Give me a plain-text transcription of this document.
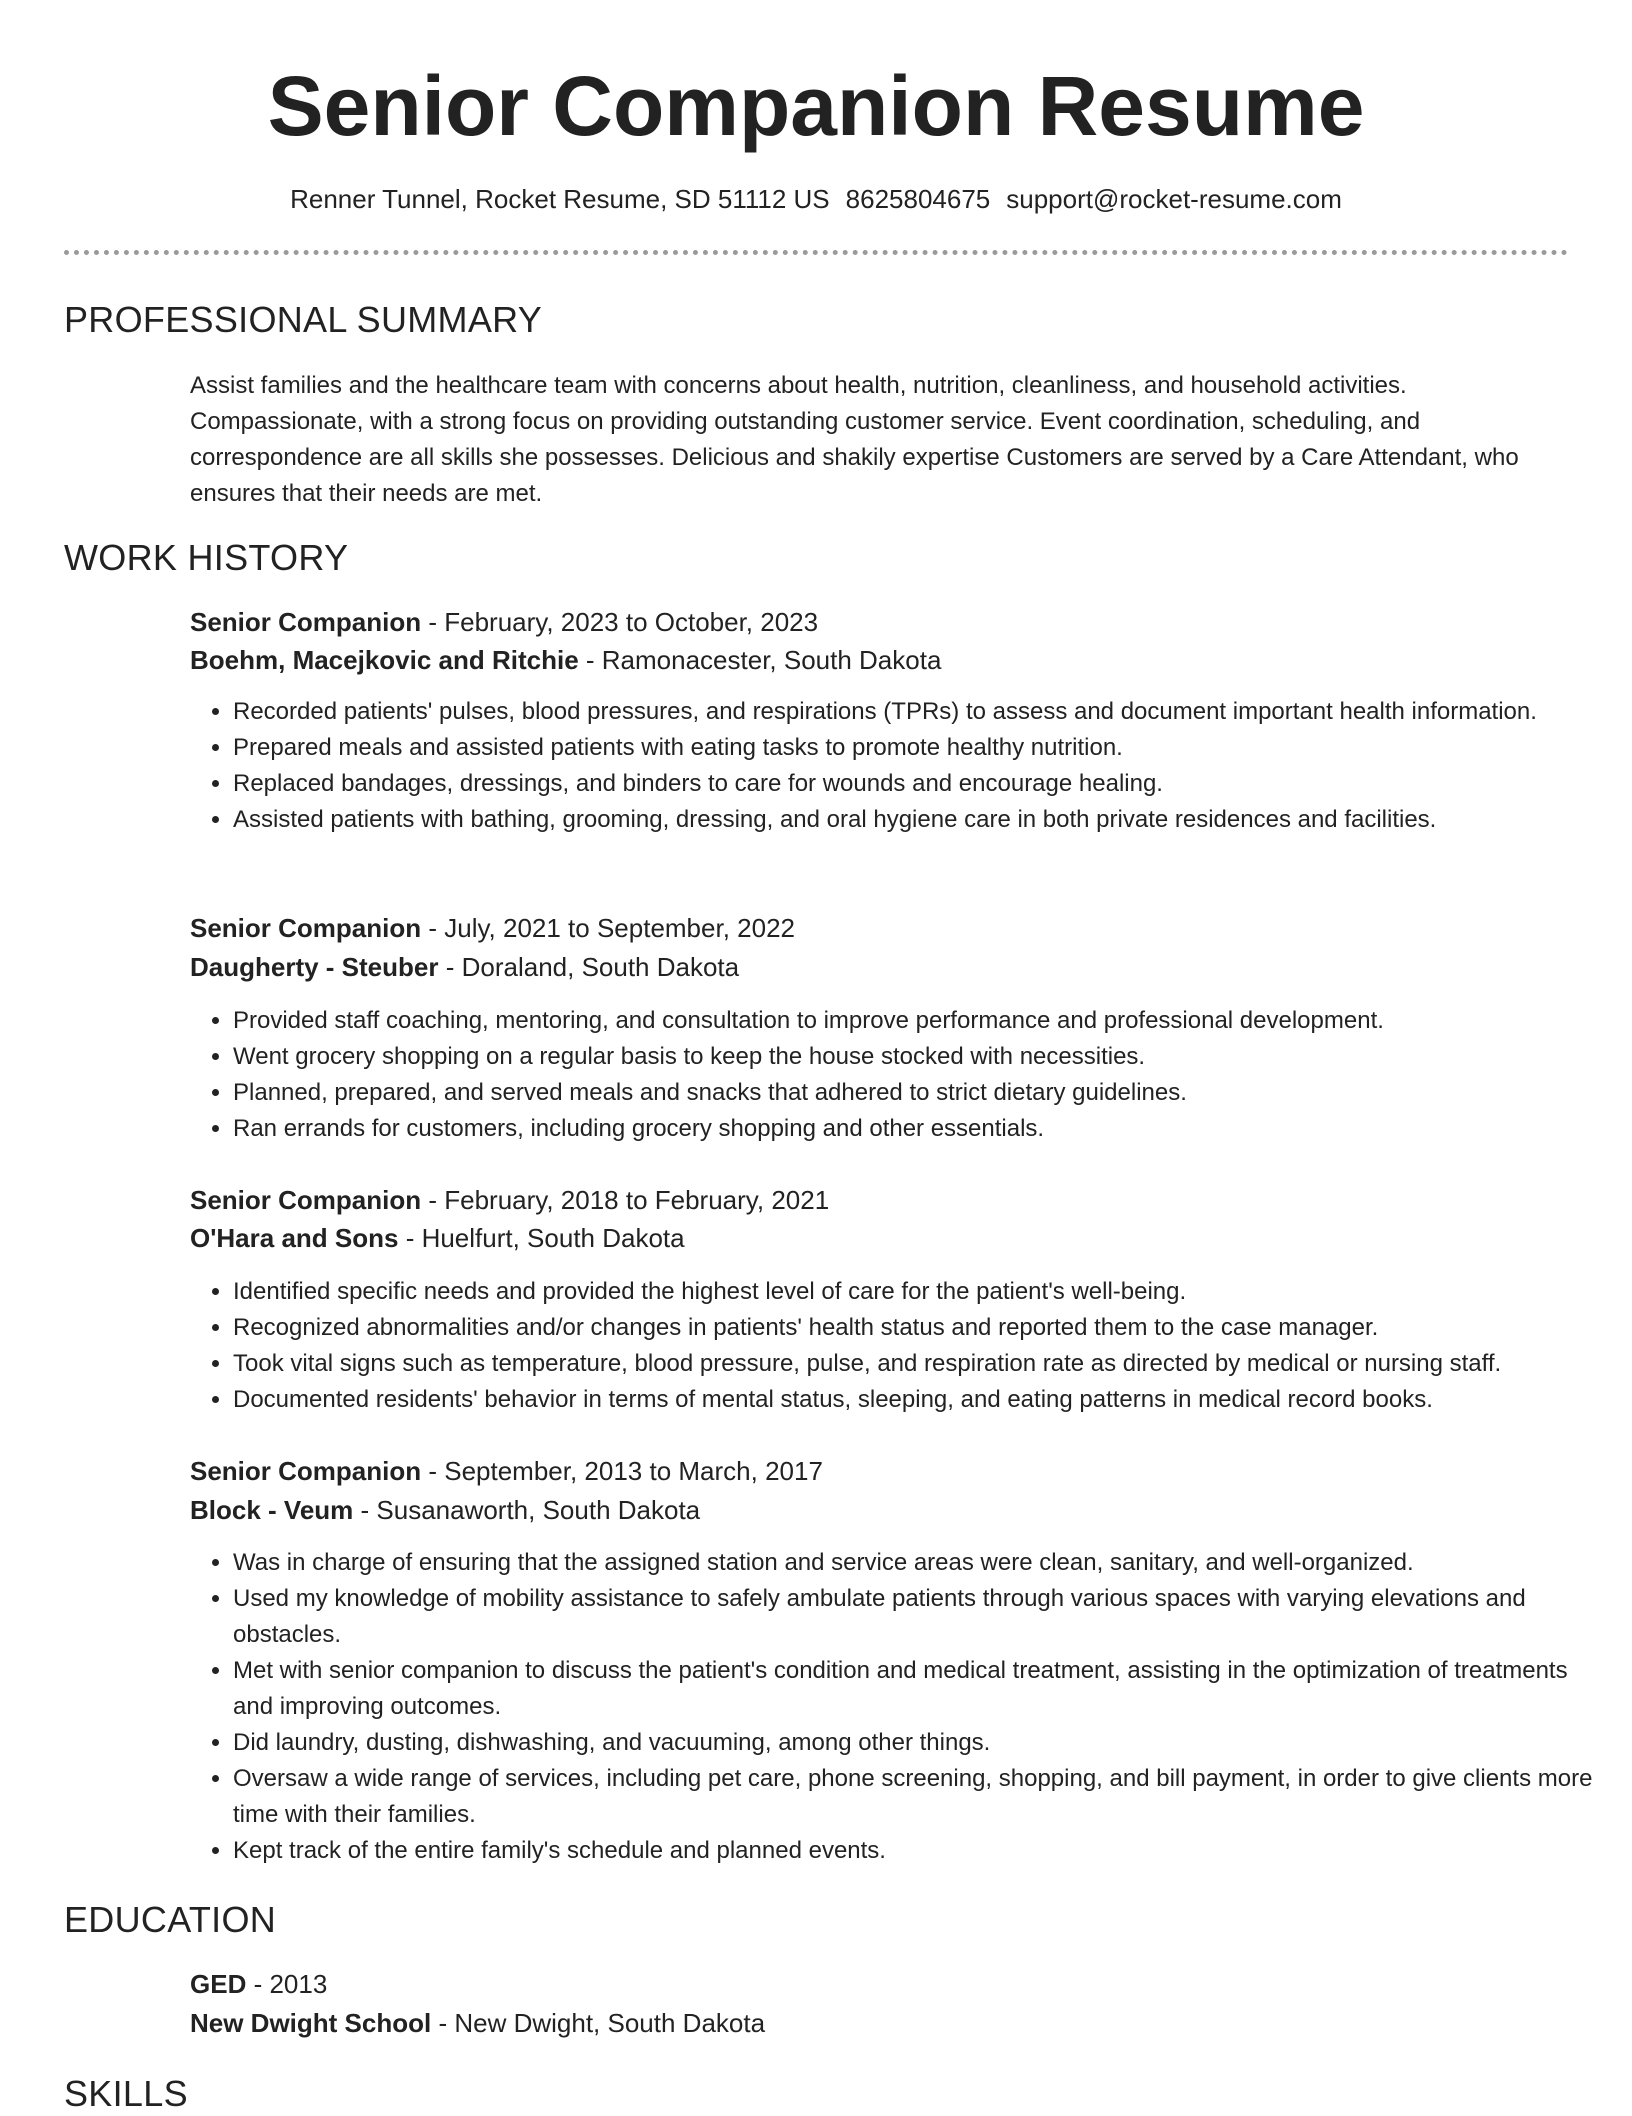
Senior Companion Resume
Renner Tunnel, Rocket Resume, SD 51112 US 8625804675 support@rocket-resume.com
PROFESSIONAL SUMMARY

Assist families and the healthcare team with concerns about health, nutrition, cleanliness, and household activities. Compassionate, with a strong focus on providing outstanding customer service. Event coordination, scheduling, and correspondence are all skills she possesses. Delicious and shakily expertise Customers are served by a Care Attendant, who ensures that their needs are met.

WORK HISTORY
Senior Companion - February, 2023 to October, 2023
Boehm, Macejkovic and Ritchie - Ramonacester, South Dakota
• Recorded patients' pulses, blood pressures, and respirations (TPRs) to assess and document important health information.
• Prepared meals and assisted patients with eating tasks to promote healthy nutrition.
• Replaced bandages, dressings, and binders to care for wounds and encourage healing.
• Assisted patients with bathing, grooming, dressing, and oral hygiene care in both private residences and facilities.
Senior Companion - July, 2021 to September, 2022
Daugherty - Steuber - Doraland, South Dakota
• Provided staff coaching, mentoring, and consultation to improve performance and professional development.
• Went grocery shopping on a regular basis to keep the house stocked with necessities.
• Planned, prepared, and served meals and snacks that adhered to strict dietary guidelines.
• Ran errands for customers, including grocery shopping and other essentials.
Senior Companion - February, 2018 to February, 2021
O'Hara and Sons - Huelfurt, South Dakota
• Identified specific needs and provided the highest level of care for the patient's well-being.
• Recognized abnormalities and/or changes in patients' health status and reported them to the case manager.
• Took vital signs such as temperature, blood pressure, pulse, and respiration rate as directed by medical or nursing staff.
• Documented residents' behavior in terms of mental status, sleeping, and eating patterns in medical record books.
Senior Companion - September, 2013 to March, 2017
Block - Veum - Susanaworth, South Dakota
• Was in charge of ensuring that the assigned station and service areas were clean, sanitary, and well-organized.
• Used my knowledge of mobility assistance to safely ambulate patients through various spaces with varying elevations and obstacles.
• Met with senior companion to discuss the patient's condition and medical treatment, assisting in the optimization of treatments and improving outcomes.
• Did laundry, dusting, dishwashing, and vacuuming, among other things.
• Oversaw a wide range of services, including pet care, phone screening, shopping, and bill payment, in order to give clients more time with their families.
• Kept track of the entire family's schedule and planned events.
EDUCATION
GED - 2013
New Dwight School - New Dwight, South Dakota
SKILLS
